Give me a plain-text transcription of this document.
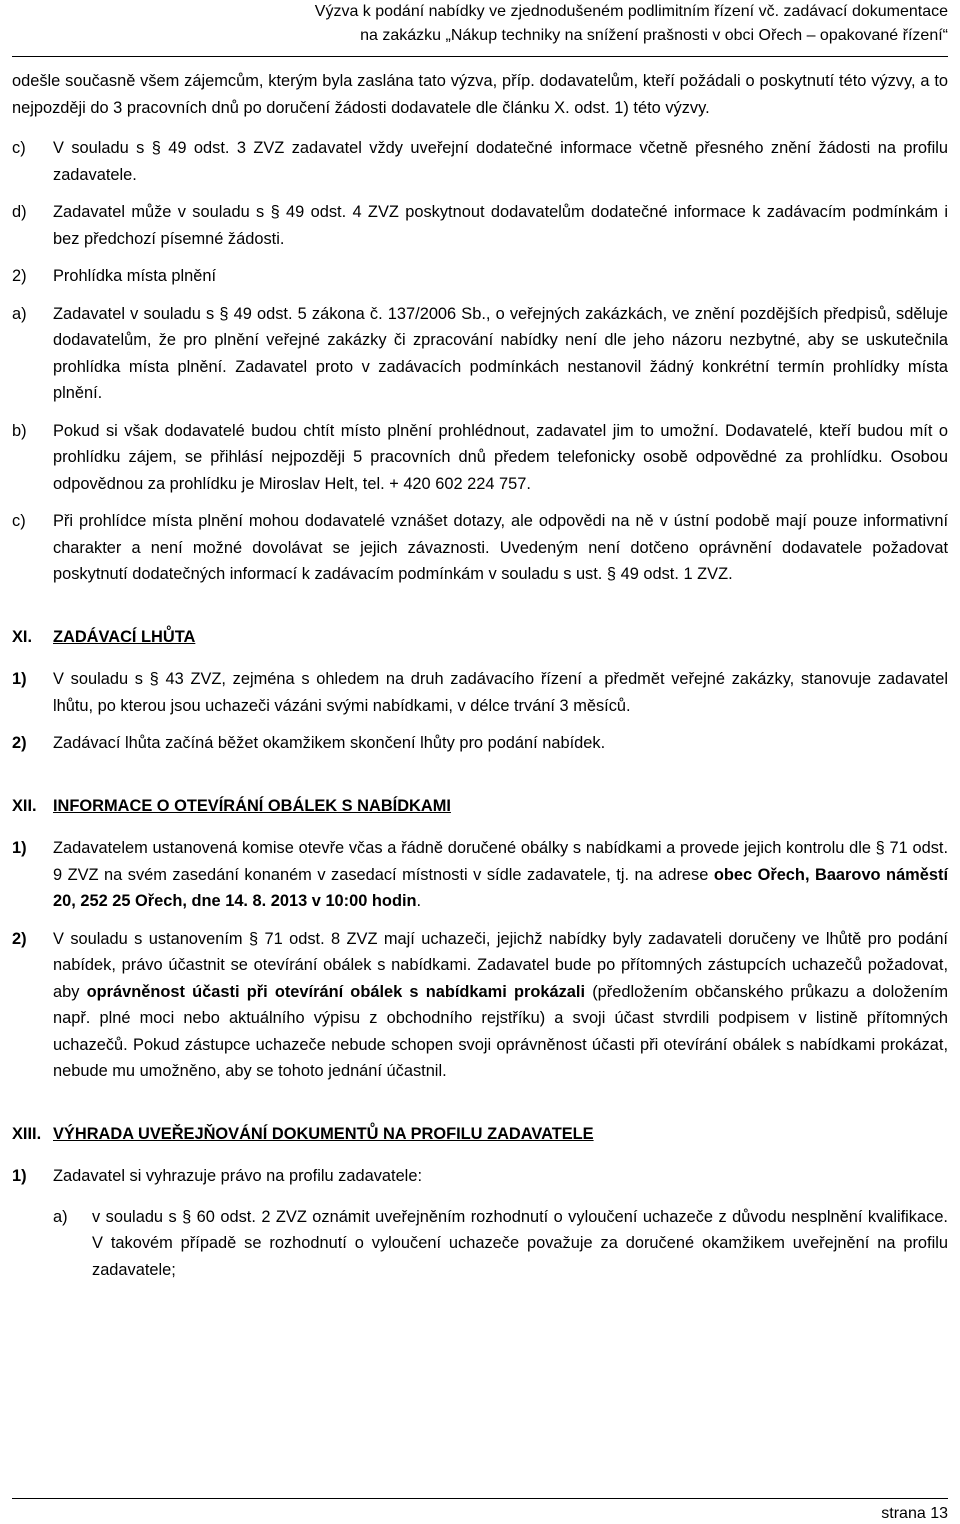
Výzva k podání nabídky ve zjednodušeném podlimitním řízení vč. zadávací dokumentace
na zakázku „Nákup techniky na snížení prašnosti v obci Ořech – opakované řízení“

odešle současně všem zájemcům, kterým byla zaslána tato výzva, příp. dodavatelům, kteří požádali o poskytnutí této výzvy, a to nejpozději do 3 pracovních dnů po doručení žádosti dodavatele dle článku X. odst. 1) této výzvy.

c) V souladu s § 49 odst. 3 ZVZ zadavatel vždy uveřejní dodatečné informace včetně přesného znění žádosti na profilu zadavatele.
d) Zadavatel může v souladu s § 49 odst. 4 ZVZ poskytnout dodavatelům dodatečné informace k zadávacím podmínkám i bez předchozí písemné žádosti.
2) Prohlídka místa plnění
a) Zadavatel v souladu s § 49 odst. 5 zákona č. 137/2006 Sb., o veřejných zakázkách, ve znění pozdějších předpisů, sděluje dodavatelům, že pro plnění veřejné zakázky či zpracování nabídky není dle jeho názoru nezbytné, aby se uskutečnila prohlídka místa plnění. Zadavatel proto v zadávacích podmínkách nestanovil žádný konkrétní termín prohlídky místa plnění.
b) Pokud si však dodavatelé budou chtít místo plnění prohlédnout, zadavatel jim to umožní. Dodavatelé, kteří budou mít o prohlídku zájem, se přihlásí nejpozději 5 pracovních dnů předem telefonicky osobě odpovědné za prohlídku. Osobou odpovědnou za prohlídku je Miroslav Helt, tel. + 420 602 224 757.
c) Při prohlídce místa plnění mohou dodavatelé vznášet dotazy, ale odpovědi na ně v ústní podobě mají pouze informativní charakter a není možné dovolávat se jejich závaznosti. Uvedeným není dotčeno oprávnění dodavatele požadovat poskytnutí dodatečných informací k zadávacím podmínkám v souladu s ust. § 49 odst. 1 ZVZ.
XI. ZADÁVACÍ LHŮTA
1) V souladu s § 43 ZVZ, zejména s ohledem na druh zadávacího řízení a předmět veřejné zakázky, stanovuje zadavatel lhůtu, po kterou jsou uchazeči vázáni svými nabídkami, v délce trvání 3 měsíců.
2) Zadávací lhůta začíná běžet okamžikem skončení lhůty pro podání nabídek.
XII. INFORMACE O OTEVÍRÁNÍ OBÁLEK S NABÍDKAMI
1) Zadavatelem ustanovená komise otevře včas a řádně doručené obálky s nabídkami a provede jejich kontrolu dle § 71 odst. 9 ZVZ na svém zasedání konaném v zasedací místnosti v sídle zadavatele, tj. na adrese obec Ořech, Baarovo náměstí 20, 252 25 Ořech, dne 14. 8. 2013 v 10:00 hodin.
2) V souladu s ustanovením § 71 odst. 8 ZVZ mají uchazeči, jejichž nabídky byly zadavateli doručeny ve lhůtě pro podání nabídek, právo účastnit se otevírání obálek s nabídkami. Zadavatel bude po přítomných zástupcích uchazečů požadovat, aby oprávněnost účasti při otevírání obálek s nabídkami prokázali (předložením občanského průkazu a doložením např. plné moci nebo aktuálního výpisu z obchodního rejstříku) a svoji účast stvrdili podpisem v listině přítomných uchazečů. Pokud zástupce uchazeče nebude schopen svoji oprávněnost účasti při otevírání obálek s nabídkami prokázat, nebude mu umožněno, aby se tohoto jednání účastnil.
XIII. VÝHRADA UVEŘEJŇOVÁNÍ DOKUMENTŮ NA PROFILU ZADAVATELE
1) Zadavatel si vyhrazuje právo na profilu zadavatele:
a) v souladu s § 60 odst. 2 ZVZ oznámit uveřejněním rozhodnutí o vyloučení uchazeče z důvodu nesplnění kvalifikace. V takovém případě se rozhodnutí o vyloučení uchazeče považuje za doručené okamžikem uveřejnění na profilu zadavatele;
strana 13
